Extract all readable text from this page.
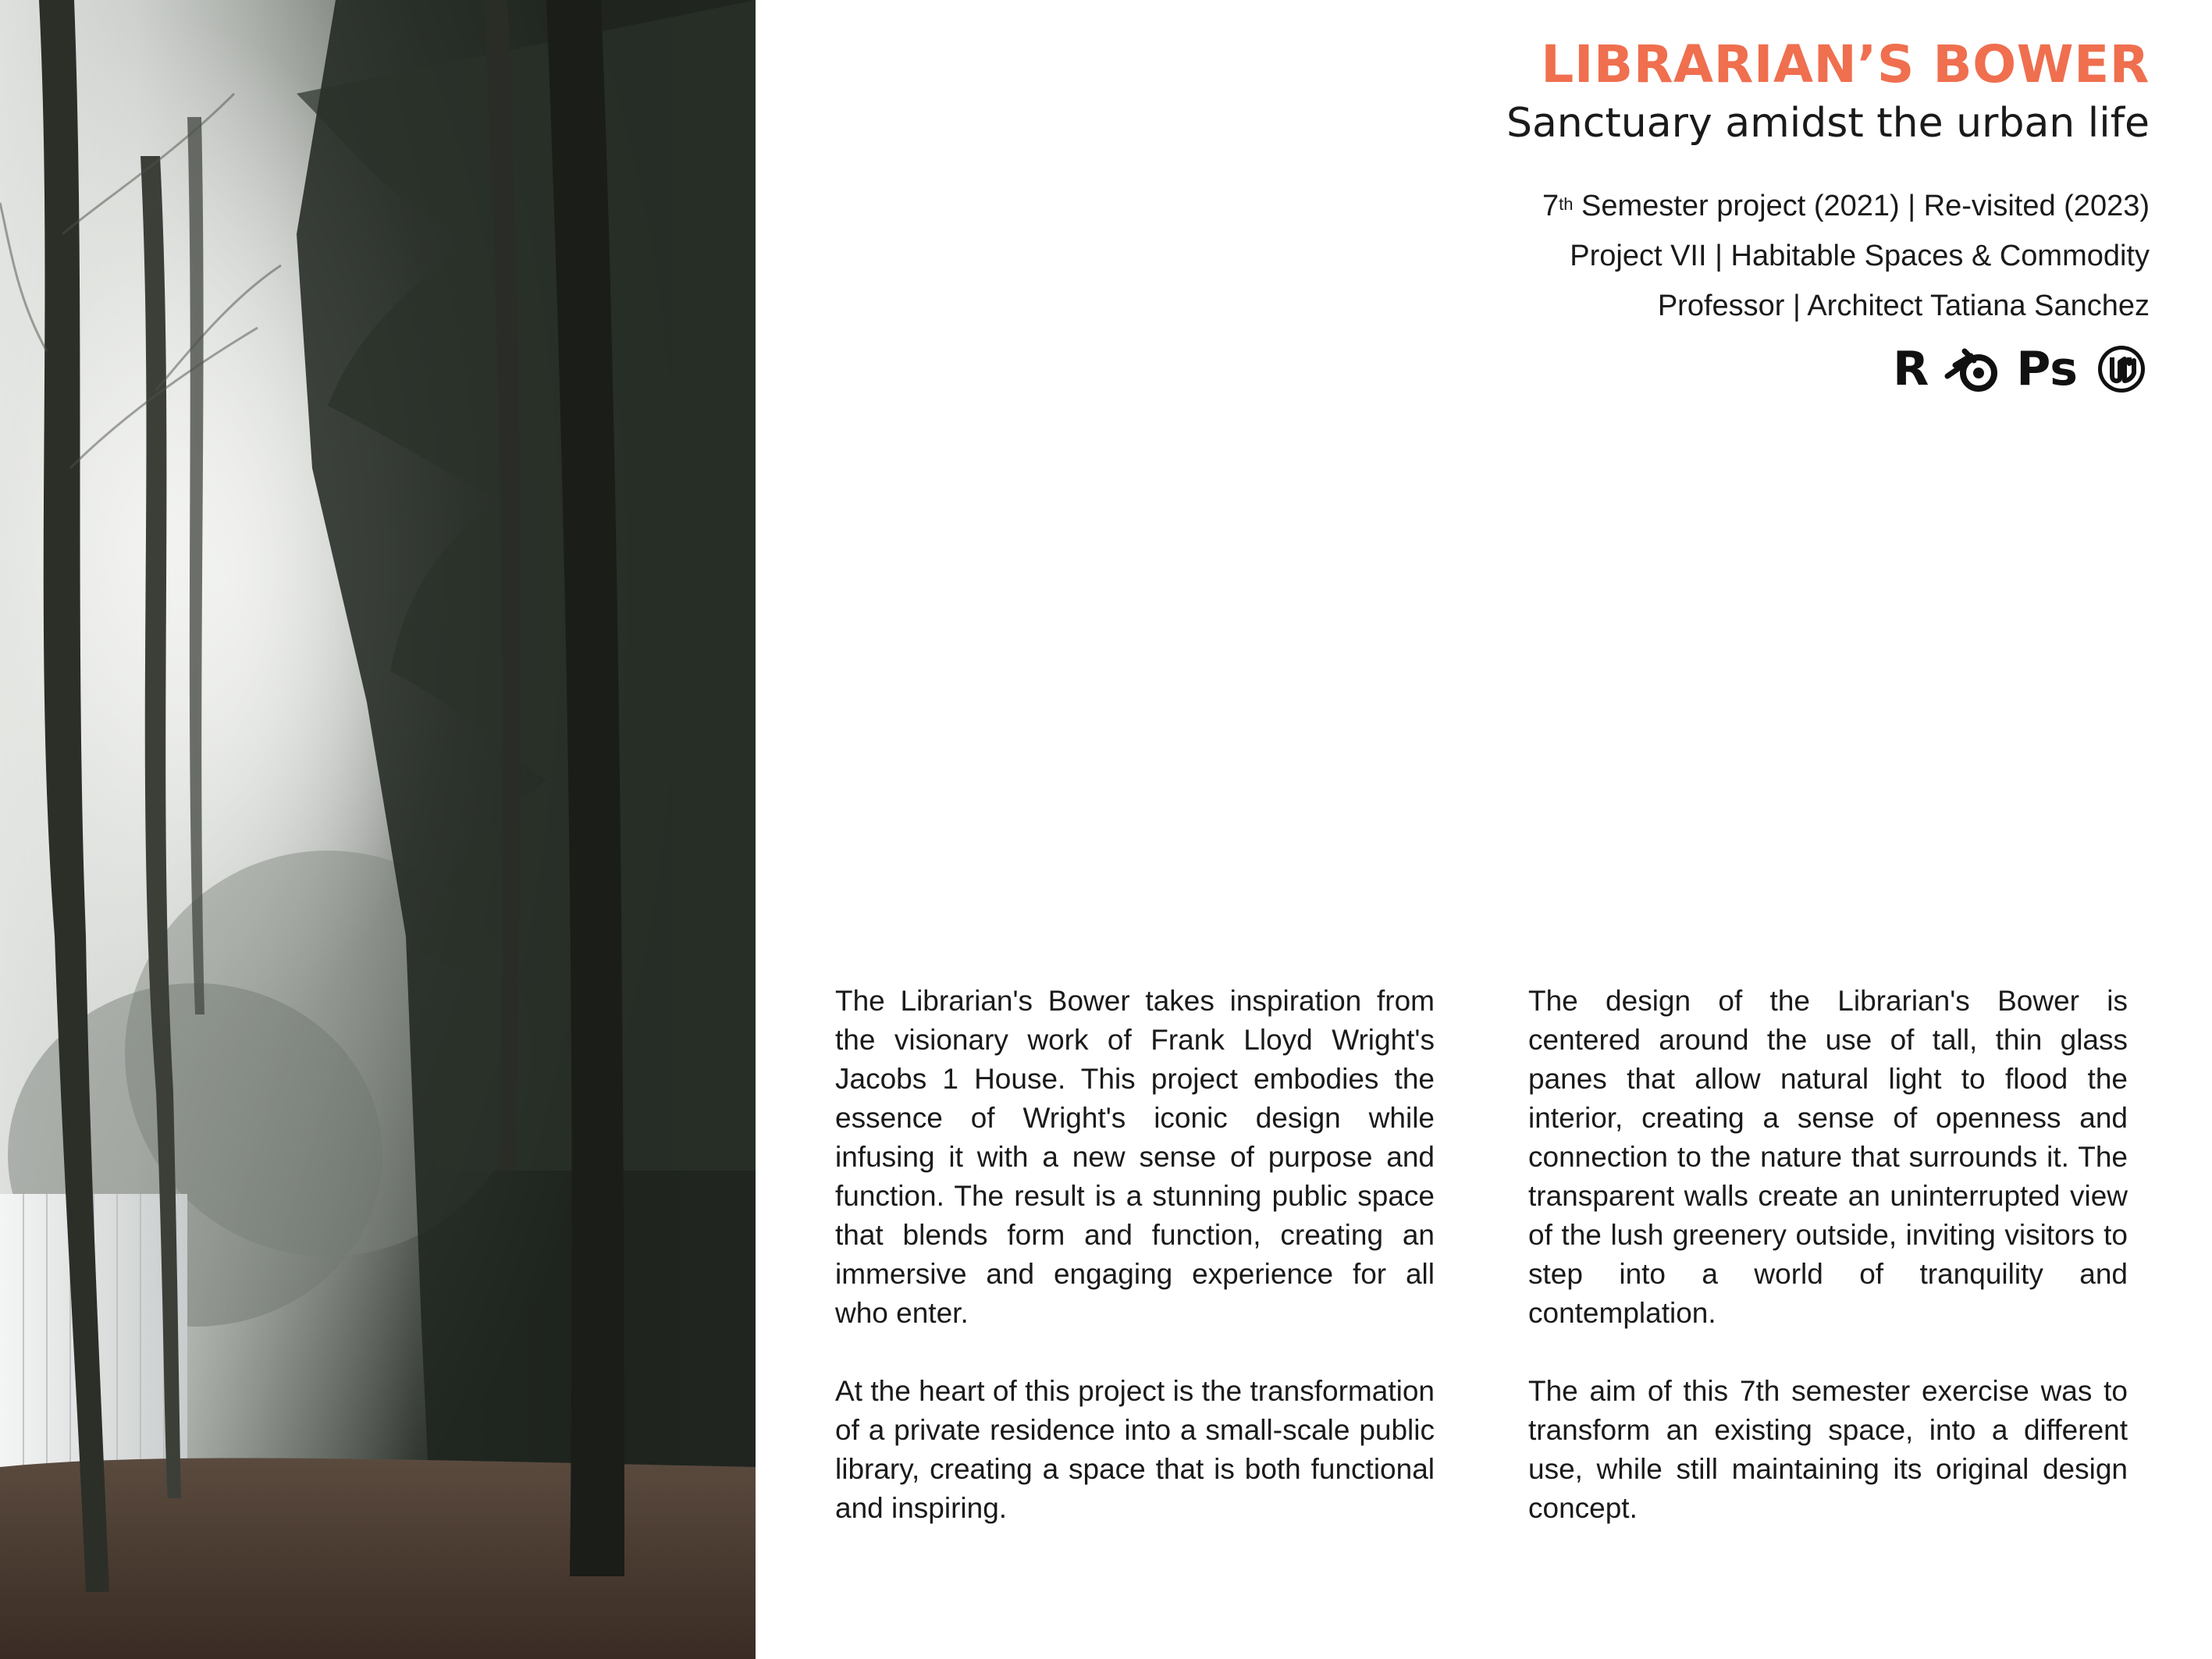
LIBRARIAN’S BOWER
Sanctuary amidst the urban life
7th Semester project (2021) | Re-visited (2023)
Project VII | Habitable Spaces & Commodity
Professor | Architect Tatiana Sanchez
R Ps

The Librarian's Bower takes inspiration from the visionary work of Frank Lloyd Wright's Jacobs 1 House. This project embodies the essence of Wright's iconic design while infusing it with a new sense of purpose and function. The result is a stunning public space that blends form and function, creating an immersive and engaging experience for all who enter.

At the heart of this project is the transformation of a private residence into a small-scale public library, creating a space that is both functional and inspiring.

The design of the Librarian's Bower is centered around the use of tall, thin glass panes that allow natural light to flood the interior, creating a sense of openness and connection to the nature that surrounds it. The transparent walls create an uninterrupted view of the lush greenery outside, inviting visitors to step into a world of tranquility and contemplation.

The aim of this 7th semester exercise was to transform an existing space, into a different use, while still maintaining its original design concept.
